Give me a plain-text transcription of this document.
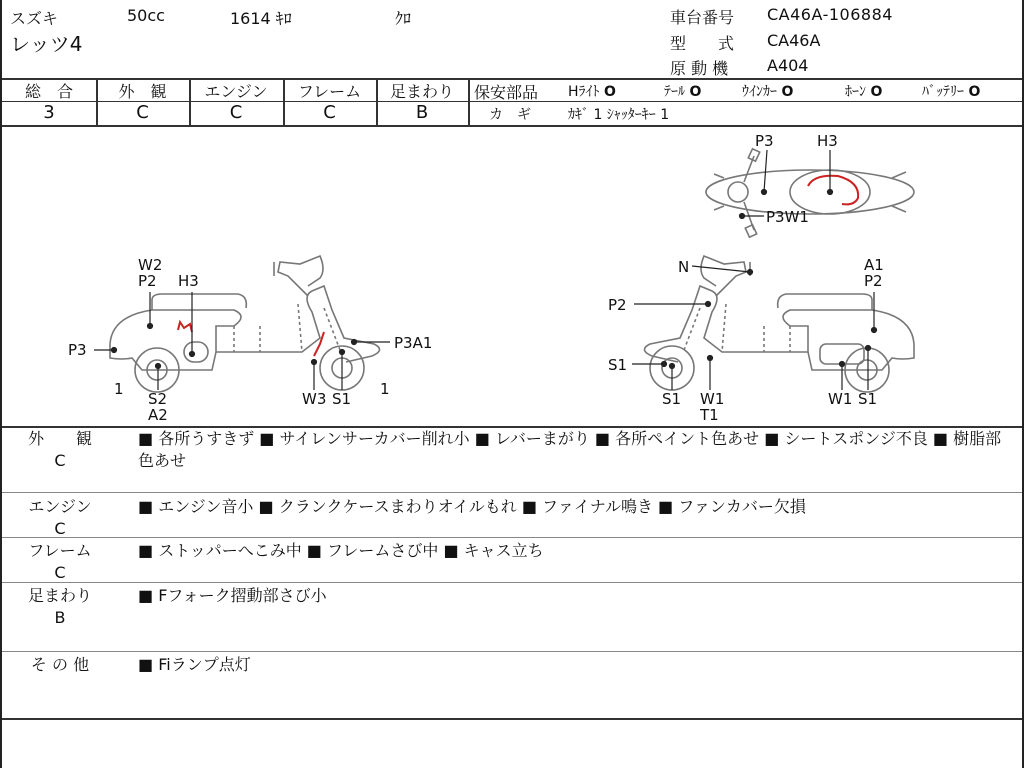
スズキ	50cc	1614 ｷﾛ	ｸﾛ
レッツ4
車台番号 CA46A-106884
型　　式 CA46A
原 動 機 A404
総　合
3
外　観
C
エンジン
C
フレーム
C
足まわり
B
保安部品 Hﾗｲﾄ O	ﾃｰﾙ O	ｳｲﾝｶｰ O	ﾎｰﾝ O	ﾊﾞｯﾃﾘｰ O
カ　ギ	ｶｷﾞ 1 ｼｬｯﾀｰｷｰ 1
P3	H3
P3W1
W2
P2 H3
P3	P3A1
1
S2
A2
W3 S1
1
N	A1
P2
P2
S1
S1 W1
T1
W1 S1
外　　観
C
■ 各所うすきず ■ サイレンサーカバー削れ小 ■ レバーまがり ■ 各所ペイント色あせ ■ シートスポンジ不良 ■ 樹脂部色あせ
エンジン
C
■ エンジン音小 ■ クランクケースまわりオイルもれ ■ ファイナル鳴き ■ ファンカバー欠損
フレーム
C
■ ストッパーへこみ中 ■ フレームさび中 ■ キャス立ち
足まわり
B
■ Fフォーク摺動部さび小
そ の 他	■ Fiランプ点灯
